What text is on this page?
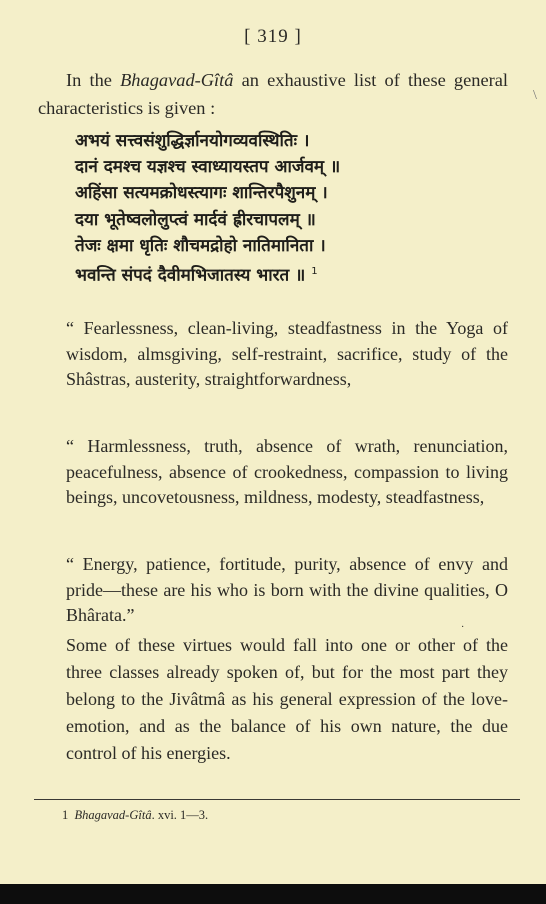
[ 319 ]
In the Bhagavad-Gîtâ an exhaustive list of these general characteristics is given :
\
अभयं सत्त्वसंशुद्धिर्ज्ञानयोगव्यवस्थितिः ।
दानं दमश्च यज्ञश्च स्वाध्यायस्तप आर्जवम् ॥
अहिंसा सत्यमक्रोधस्त्यागः शान्तिरपैशुनम् ।
दया भूतेष्वलोलुप्त्वं मार्दवं ह्रीरचापलम् ॥
तेजः क्षमा धृतिः शौचमद्रोहो नातिमानिता ।
भवन्ति संपदं दैवीमभिजातस्य भारत ॥ $^1$
“ Fearlessness, clean-living, steadfastness in the Yoga of wisdom, almsgiving, self-restraint, sacrifice, study of the Shâstras, austerity, straightforwardness,
“ Harmlessness, truth, absence of wrath, renunciation, peacefulness, absence of crookedness, compassion to living beings, uncovetousness, mildness, modesty, steadfastness,
“ Energy, patience, fortitude, purity, absence of envy and pride—these are his who is born with the divine qualities, O Bhârata.”
·
Some of these virtues would fall into one or other of the three classes already spoken of, but for the most part they belong to the Jivâtmâ as his general expression of the love-emotion, and as the balance of his own nature, the due control of his energies.
1 Bhagavad-Gîtâ. xvi. 1—3.
